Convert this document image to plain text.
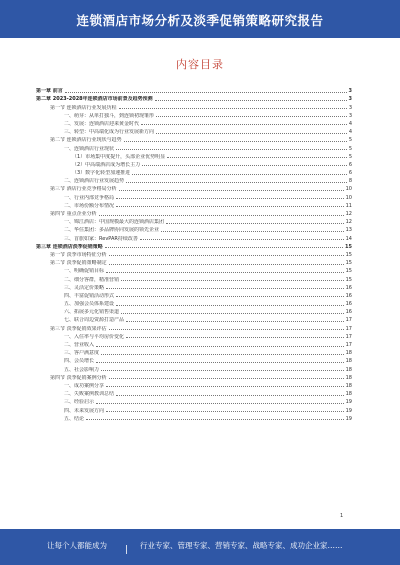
连锁酒店市场分析及淡季促销策略研究报告
内容目录
第一章 前言	3
第二章 2023-2028年连锁酒店市场前景及趋势预测	3
第一节 连锁酒店行业发展历程	3
一、萌芽：从单打独斗，到连锁初现雏形	3
二、发展：连锁酒店迎来黄金时代	4
三、转型：中高端化成为行业发展新方向	4
第二节 连锁酒店行业现状与趋势	5
一、连锁酒店行业现状	5
（1）市场集中度提升，头部企业优势明显	5
（2）中高端酒店成为增长主力	6
（3）数字化转型加速推进	6
二、连锁酒店行业发展趋势	8
第三节 酒店行业竞争格局分析	10
一、行业内部竞争格局	10
二、市场份额分布情况	11
第四节 重点企业分析	12
一、锦江酒店：中国规模最大的连锁酒店集团	12
二、华住集团：多品牌协同发展的领先企业	13
三、首旅如家：RevPAR持续改善	14
第三章 连锁酒店淡季促销策略	15
第一节 淡季市场特征分析	15
第二节 淡季促销策略制定	15
一、明确促销目标	15
二、细分客群，精准营销	15
三、灵活定价策略	16
四、丰富促销活动形式	16
五、加强会员体系建设	16
六、拓展多元化销售渠道	16
七、联合周边资源打造产品	17
第三节 淡季促销效果评估	17
一、入住率与平均房价变化	17
二、营业收入	17
三、客户满意度	18
四、会员增长	18
五、社会影响力	18
第四节 淡季促销案例分析	18
一、成功案例分享	18
二、失败案例教训总结	18
三、经验启示	19
四、未来发展方向	19
五、结论	19
1
让每个人都能成为	行业专家、管理专家、营销专家、战略专家、成功企业家……
